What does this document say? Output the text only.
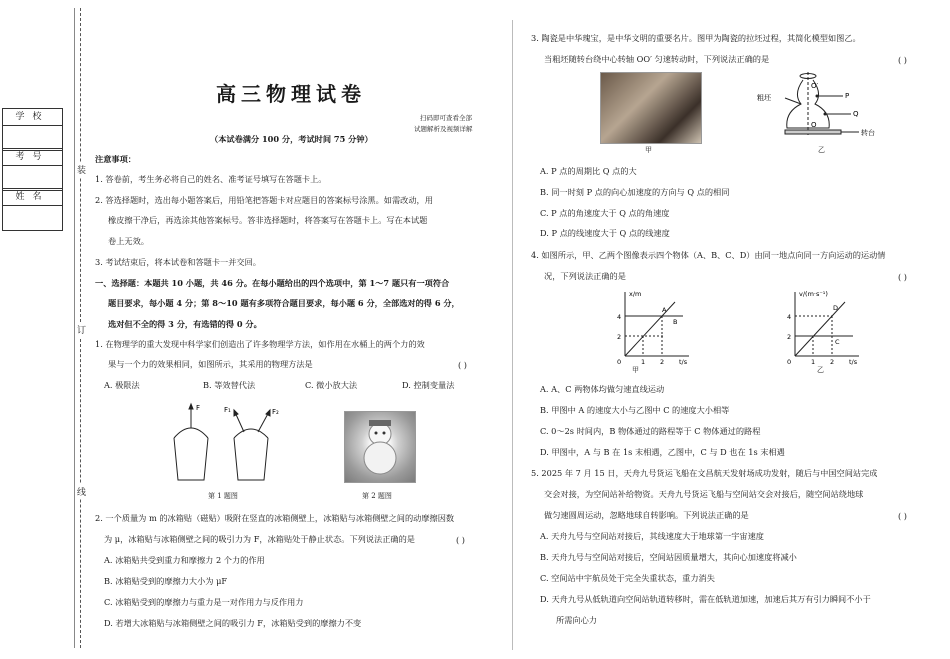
装
订
线
学校
考号
姓名
高三物理试卷
扫码即可查看全部
试题解析及视频详解
（本试卷满分 100 分，考试时间 75 分钟）
注意事项：
1. 答卷前，考生务必将自己的姓名、准考证号填写在答题卡上。
2. 答选择题时，选出每小题答案后，用铅笔把答题卡对应题目的答案标号涂黑。如需改动，用
橡皮擦干净后，再选涂其他答案标号。答非选择题时，将答案写在答题卡上。写在本试题
卷上无效。
3. 考试结束后，将本试卷和答题卡一并交回。
一、选择题：本题共 10 小题，共 46 分。在每小题给出的四个选项中，第 1～7 题只有一项符合
题目要求，每小题 4 分；第 8～10 题有多项符合题目要求，每小题 6 分，全部选对的得 6 分，
选对但不全的得 3 分，有选错的得 0 分。
1. 在物理学的重大发现中科学家们创造出了许多物理学方法，如作用在水桶上的两个力的效
果与一个力的效果相同，如图所示，其采用的物理方法是	( )
A. 极限法	B. 等效替代法	C. 微小放大法	D. 控制变量法
F	F₁	F₂
第 1 题图	第 2 题图
2. 一个质量为 m 的冰箱贴（磁贴）吸附在竖直的冰箱侧壁上，冰箱贴与冰箱侧壁之间的动摩擦因数
为 μ，冰箱贴与冰箱侧壁之间的吸引力为 F，冰箱贴处于静止状态。下列说法正确的是	( )
A. 冰箱贴共受到重力和摩擦力 2 个力的作用
B. 冰箱贴受到的摩擦力大小为 μF
C. 冰箱贴受到的摩擦力与重力是一对作用力与反作用力
D. 若增大冰箱贴与冰箱侧壁之间的吸引力 F，冰箱贴受到的摩擦力不变
3. 陶瓷是中华瑰宝，是中华文明的重要名片。图甲为陶瓷的拉坯过程，其简化模型如图乙。
当粗坯随转台绕中心转轴 OO′ 匀速转动时，下列说法正确的是	( )
甲
粗坯
O′
P
Q
O
转台
乙
A. P 点的周期比 Q 点的大
B. 同一时刻 P 点的向心加速度的方向与 Q 点的相同
C. P 点的角速度大于 Q 点的角速度
D. P 点的线速度大于 Q 点的线速度
4. 如图所示，甲、乙两个图像表示四个物体（A、B、C、D）由同一地点向同一方向运动的运动情
况，下列说法正确的是	( )
x/m
t/s
4
2
1 2
0
A
B
甲
v/(m·s⁻¹)
t/s
4
2
1 2
0
C
D
乙
A. A、C 两物体均做匀速直线运动
B. 甲图中 A 的速度大小与乙图中 C 的速度大小相等
C. 0～2s 时间内，B 物体通过的路程等于 C 物体通过的路程
D. 甲图中，A 与 B 在 1s 末相遇，乙图中，C 与 D 也在 1s 末相遇
5. 2025 年 7 月 15 日，天舟九号货运飞船在文昌航天发射场成功发射，随后与中国空间站完成
交会对接，为空间站补给物资。天舟九号货运飞船与空间站交会对接后，随空间站绕地球
做匀速圆周运动，忽略地球自转影响。下列说法正确的是	( )
A. 天舟九号与空间站对接后，其线速度大于地球第一宇宙速度
B. 天舟九号与空间站对接后，空间站因质量增大，其向心加速度将减小
C. 空间站中宇航员处于完全失重状态，重力消失
D. 天舟九号从低轨道向空间站轨道转移时，需在低轨道加速，加速后其万有引力瞬间不小于
所需向心力
